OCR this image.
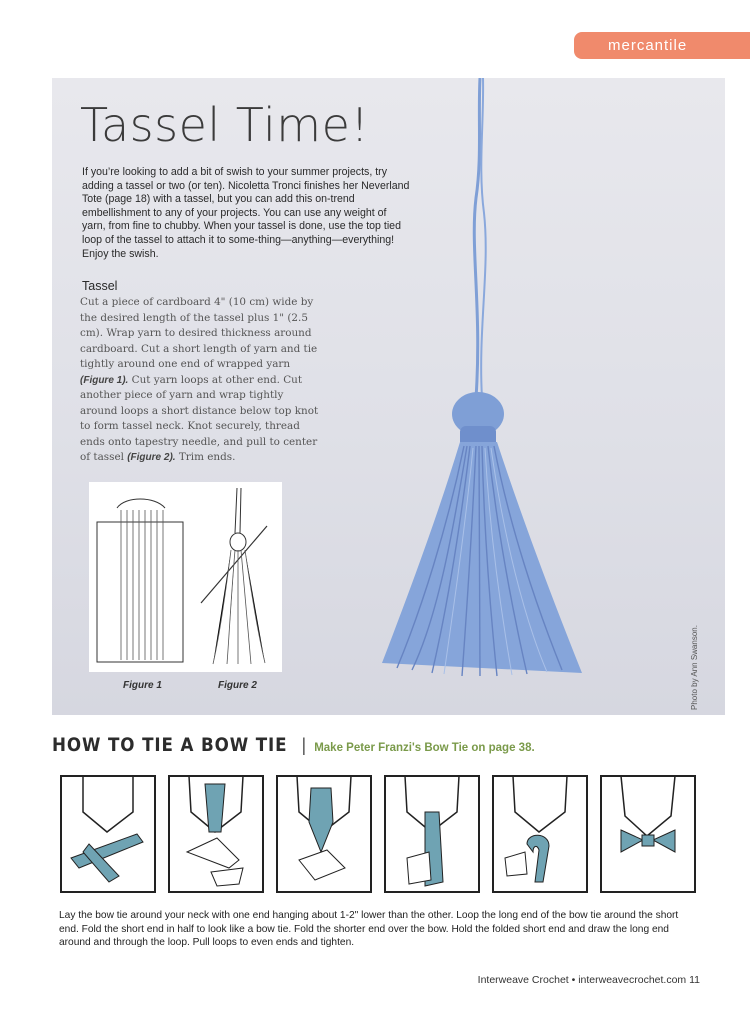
mercantile
Tassel Time!

If you’re looking to add a bit of swish to your summer projects, try adding a tassel or two (or ten). Nicoletta Tronci finishes her Neverland Tote (page 18) with a tassel, but you can add this on-trend embellishment to any of your projects. You can use any weight of yarn, from fine to chubby. When your tassel is done, use the top tied loop of the tassel to attach it to some-thing—anything—everything! Enjoy the swish.

Tassel

Cut a piece of cardboard 4" (10 cm) wide by the desired length of the tassel plus 1" (2.5 cm). Wrap yarn to desired thickness around cardboard. Cut a short length of yarn and tie tightly around one end of wrapped yarn (Figure 1). Cut yarn loops at other end. Cut another piece of yarn and wrap tightly around loops a short distance below top knot to form tassel neck. Knot securely, thread ends onto tapestry needle, and pull to center of tassel (Figure 2). Trim ends.

Figure 1	Figure 2	Photo by Ann Swanson.
HOW TO TIE A BOW TIE | Make Peter Franzi's Bow Tie on page 38.

Lay the bow tie around your neck with one end hanging about 1-2" lower than the other. Loop the long end of the bow tie around the short end. Fold the short end in half to look like a bow tie. Fold the shorter end over the bow. Hold the folded short end and draw the long end around and through the loop. Pull loops to even ends and tighten.

Interweave Crochet • interweavecrochet.com 11
